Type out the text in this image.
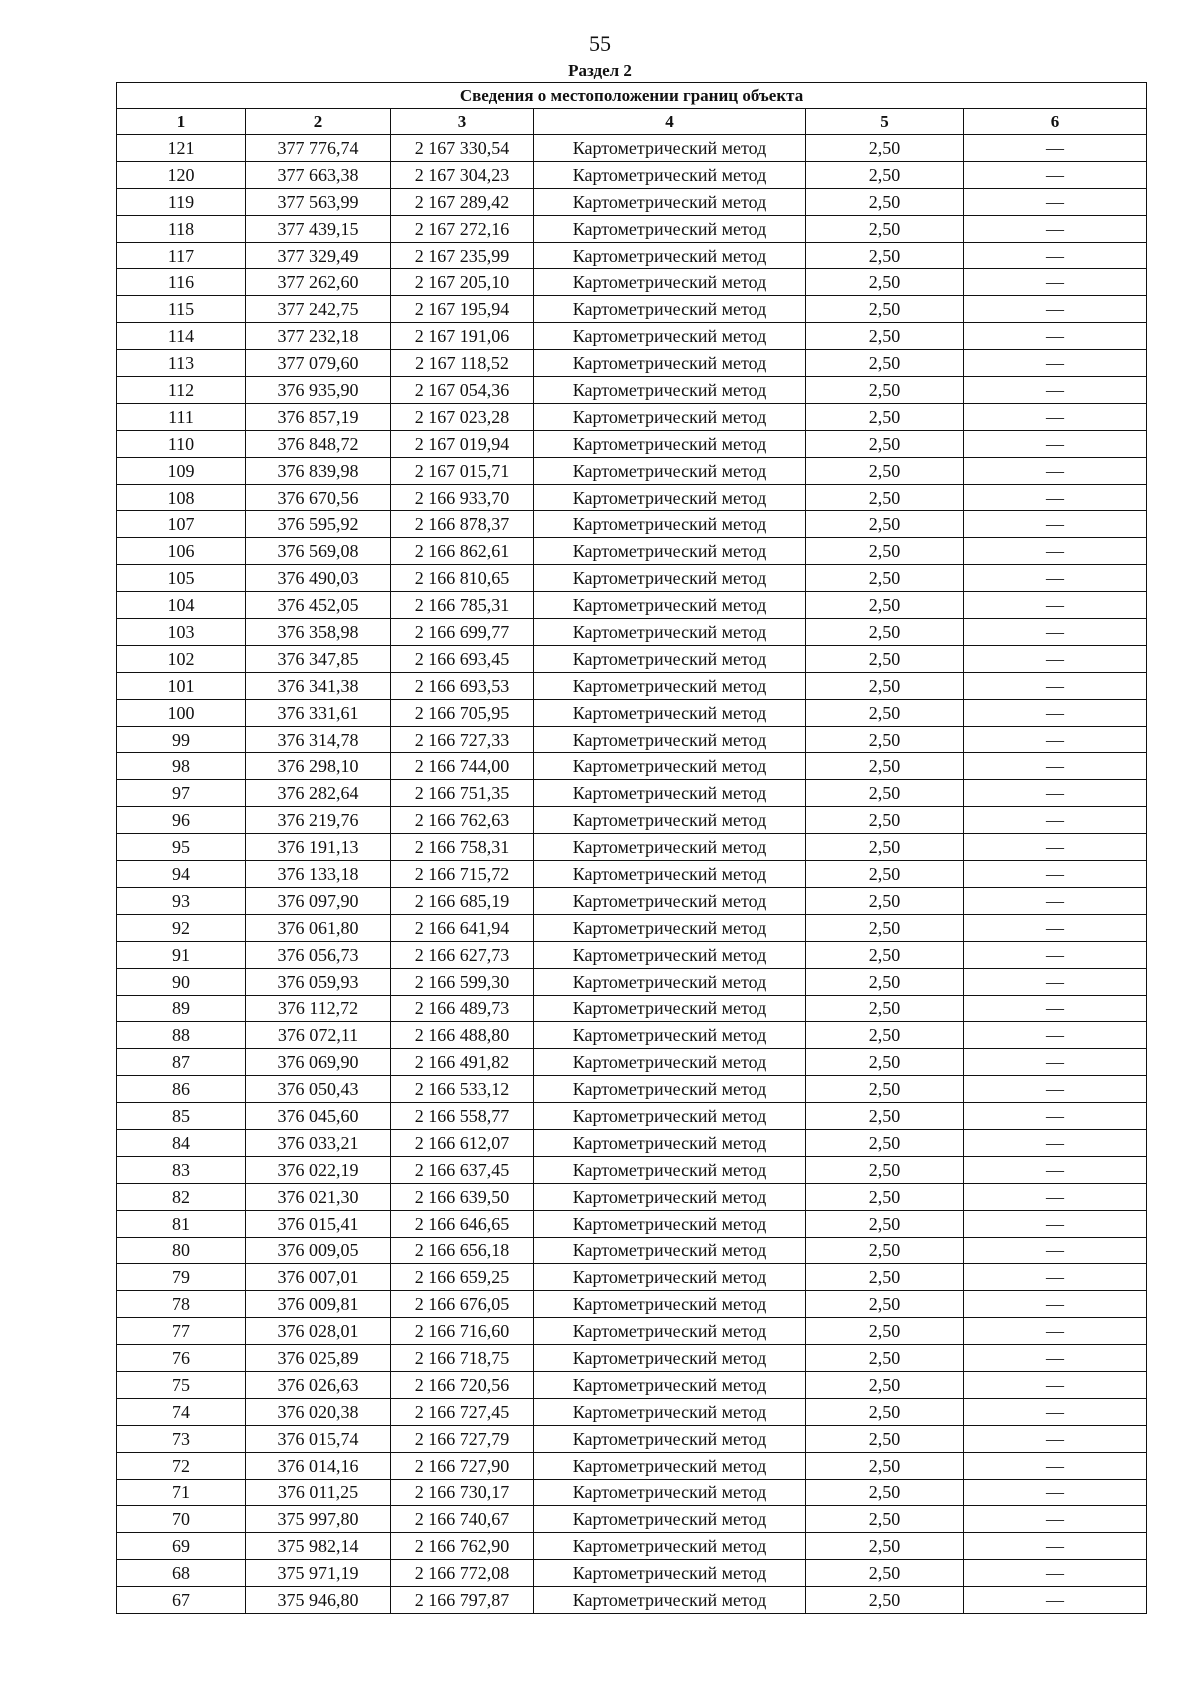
55
Раздел 2
Сведения о местоположении границ объекта					
1	2	3	4	5	6
121	377 776,74	2 167 330,54	Картометрический метод	2,50	—
120	377 663,38	2 167 304,23	Картометрический метод	2,50	—
119	377 563,99	2 167 289,42	Картометрический метод	2,50	—
118	377 439,15	2 167 272,16	Картометрический метод	2,50	—
117	377 329,49	2 167 235,99	Картометрический метод	2,50	—
116	377 262,60	2 167 205,10	Картометрический метод	2,50	—
115	377 242,75	2 167 195,94	Картометрический метод	2,50	—
114	377 232,18	2 167 191,06	Картометрический метод	2,50	—
113	377 079,60	2 167 118,52	Картометрический метод	2,50	—
112	376 935,90	2 167 054,36	Картометрический метод	2,50	—
111	376 857,19	2 167 023,28	Картометрический метод	2,50	—
110	376 848,72	2 167 019,94	Картометрический метод	2,50	—
109	376 839,98	2 167 015,71	Картометрический метод	2,50	—
108	376 670,56	2 166 933,70	Картометрический метод	2,50	—
107	376 595,92	2 166 878,37	Картометрический метод	2,50	—
106	376 569,08	2 166 862,61	Картометрический метод	2,50	—
105	376 490,03	2 166 810,65	Картометрический метод	2,50	—
104	376 452,05	2 166 785,31	Картометрический метод	2,50	—
103	376 358,98	2 166 699,77	Картометрический метод	2,50	—
102	376 347,85	2 166 693,45	Картометрический метод	2,50	—
101	376 341,38	2 166 693,53	Картометрический метод	2,50	—
100	376 331,61	2 166 705,95	Картометрический метод	2,50	—
99	376 314,78	2 166 727,33	Картометрический метод	2,50	—
98	376 298,10	2 166 744,00	Картометрический метод	2,50	—
97	376 282,64	2 166 751,35	Картометрический метод	2,50	—
96	376 219,76	2 166 762,63	Картометрический метод	2,50	—
95	376 191,13	2 166 758,31	Картометрический метод	2,50	—
94	376 133,18	2 166 715,72	Картометрический метод	2,50	—
93	376 097,90	2 166 685,19	Картометрический метод	2,50	—
92	376 061,80	2 166 641,94	Картометрический метод	2,50	—
91	376 056,73	2 166 627,73	Картометрический метод	2,50	—
90	376 059,93	2 166 599,30	Картометрический метод	2,50	—
89	376 112,72	2 166 489,73	Картометрический метод	2,50	—
88	376 072,11	2 166 488,80	Картометрический метод	2,50	—
87	376 069,90	2 166 491,82	Картометрический метод	2,50	—
86	376 050,43	2 166 533,12	Картометрический метод	2,50	—
85	376 045,60	2 166 558,77	Картометрический метод	2,50	—
84	376 033,21	2 166 612,07	Картометрический метод	2,50	—
83	376 022,19	2 166 637,45	Картометрический метод	2,50	—
82	376 021,30	2 166 639,50	Картометрический метод	2,50	—
81	376 015,41	2 166 646,65	Картометрический метод	2,50	—
80	376 009,05	2 166 656,18	Картометрический метод	2,50	—
79	376 007,01	2 166 659,25	Картометрический метод	2,50	—
78	376 009,81	2 166 676,05	Картометрический метод	2,50	—
77	376 028,01	2 166 716,60	Картометрический метод	2,50	—
76	376 025,89	2 166 718,75	Картометрический метод	2,50	—
75	376 026,63	2 166 720,56	Картометрический метод	2,50	—
74	376 020,38	2 166 727,45	Картометрический метод	2,50	—
73	376 015,74	2 166 727,79	Картометрический метод	2,50	—
72	376 014,16	2 166 727,90	Картометрический метод	2,50	—
71	376 011,25	2 166 730,17	Картометрический метод	2,50	—
70	375 997,80	2 166 740,67	Картометрический метод	2,50	—
69	375 982,14	2 166 762,90	Картометрический метод	2,50	—
68	375 971,19	2 166 772,08	Картометрический метод	2,50	—
67	375 946,80	2 166 797,87	Картометрический метод	2,50	—
